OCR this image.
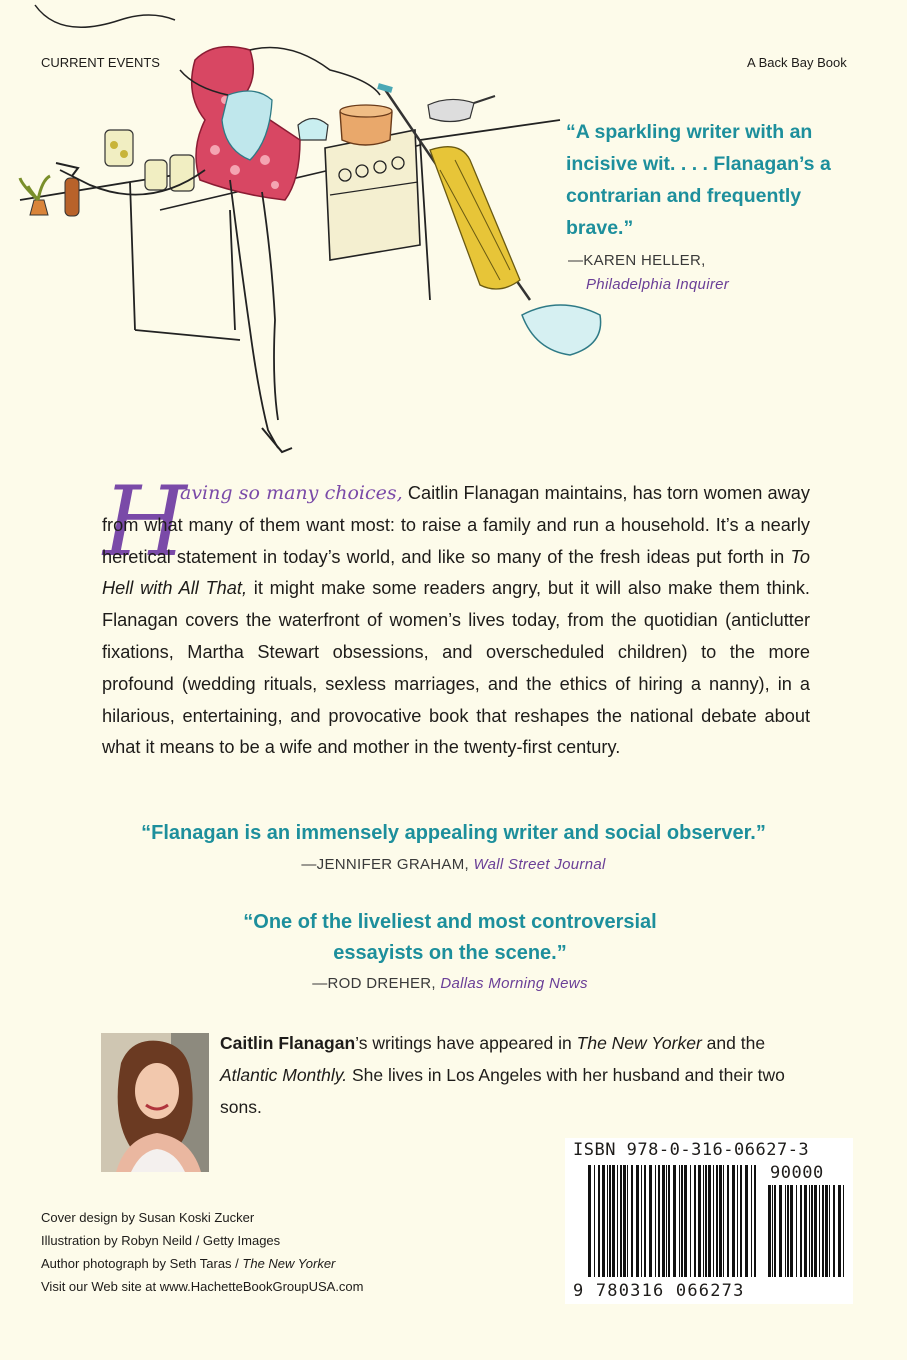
CURRENT EVENTS	A Back Bay Book
“A sparkling writer with an incisive wit. . . . Flanagan’s a contrarian and frequently brave.”
—KAREN HELLER,
Philadelphia Inquirer
H
aving so many choices, Caitlin Flanagan maintains, has torn women away from what many of them want most: to raise a family and run a household. It’s a nearly heretical statement in today’s world, and like so many of the fresh ideas put forth in To Hell with All That, it might make some readers angry, but it will also make them think. Flanagan covers the waterfront of women’s lives today, from the quotidian (anticlutter fixations, Martha Stewart obsessions, and overscheduled children) to the more profound (wedding rituals, sexless marriages, and the ethics of hiring a nanny), in a hilarious, entertaining, and provocative book that reshapes the national debate about what it means to be a wife and mother in the twenty-first century.
“Flanagan is an immensely appealing writer and social observer.”
—JENNIFER GRAHAM, Wall Street Journal
“One of the liveliest and most controversial essayists on the scene.”
—ROD DREHER, Dallas Morning News
Caitlin Flanagan’s writings have appeared in The New Yorker and the Atlantic Monthly. She lives in Los Angeles with her husband and their two sons.
Cover design by Susan Koski Zucker
Illustration by Robyn Neild / Getty Images
Author photograph by Seth Taras / The New Yorker
Visit our Web site at www.HachetteBookGroupUSA.com
ISBN 978-0-316-06627-3
90000
9 780316 066273
